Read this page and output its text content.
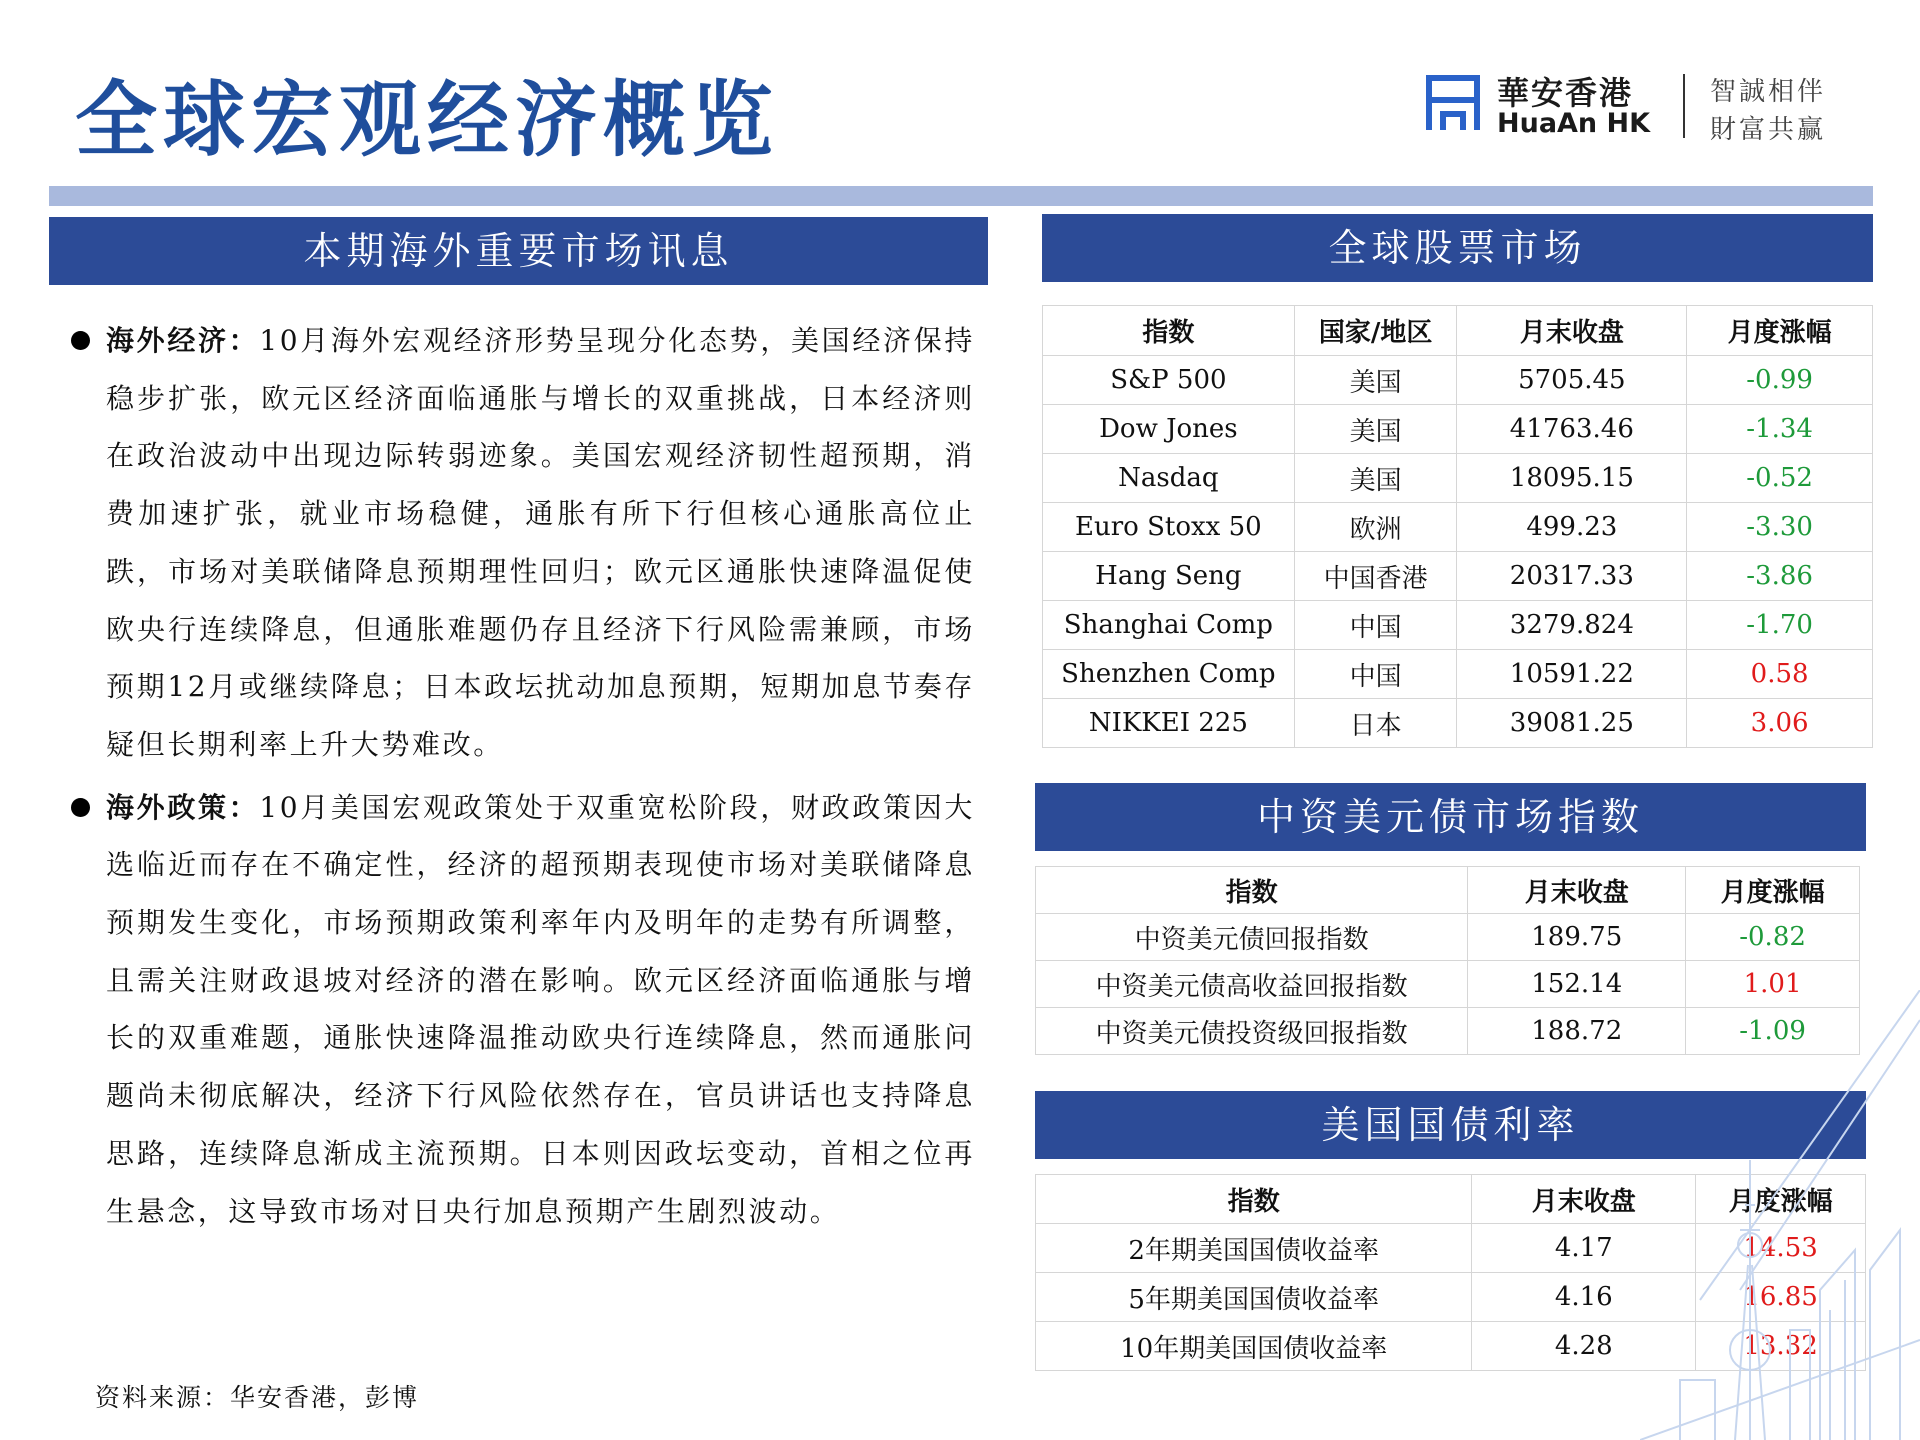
全球宏观经济概览	華安香港
HuaAn HK
智誠相伴
財富共赢
本期海外重要市场讯息
海外经济：10月海外宏观经济形势呈现分化态势，美国经济保持稳步扩张，欧元区经济面临通胀与增长的双重挑战，日本经济则在政治波动中出现边际转弱迹象。美国宏观经济韧性超预期，消费加速扩张，就业市场稳健，通胀有所下行但核心通胀高位止跌，市场对美联储降息预期理性回归；欧元区通胀快速降温促使欧央行连续降息，但通胀难题仍存且经济下行风险需兼顾，市场预期12月或继续降息；日本政坛扰动加息预期，短期加息节奏存疑但长期利率上升大势难改。
海外政策：10月美国宏观政策处于双重宽松阶段，财政政策因大选临近而存在不确定性，经济的超预期表现使市场对美联储降息预期发生变化，市场预期政策利率年内及明年的走势有所调整，且需关注财政退坡对经济的潜在影响。欧元区经济面临通胀与增长的双重难题，通胀快速降温推动欧央行连续降息，然而通胀问题尚未彻底解决，经济下行风险依然存在，官员讲话也支持降息思路，连续降息渐成主流预期。日本则因政坛变动，首相之位再生悬念，这导致市场对日央行加息预期产生剧烈波动。
资料来源：华安香港，彭博
全球股票市场
指数	国家/地区	月末收盘	月度涨幅
S&P 500	美国	5705.45	-0.99
Dow Jones	美国	41763.46	-1.34
Nasdaq	美国	18095.15	-0.52
Euro Stoxx 50	欧洲	499.23	-3.30
Hang Seng	中国香港	20317.33	-3.86
Shanghai Comp	中国	3279.824	-1.70
Shenzhen Comp	中国	10591.22	0.58
NIKKEI 225	日本	39081.25	3.06
中资美元债市场指数
指数	月末收盘	月度涨幅
中资美元债回报指数	189.75	-0.82
中资美元债高收益回报指数	152.14	1.01
中资美元债投资级回报指数	188.72	-1.09
美国国债利率
指数	月末收盘	月度涨幅
2年期美国国债收益率	4.17	14.53
5年期美国国债收益率	4.16	16.85
10年期美国国债收益率	4.28	13.32
